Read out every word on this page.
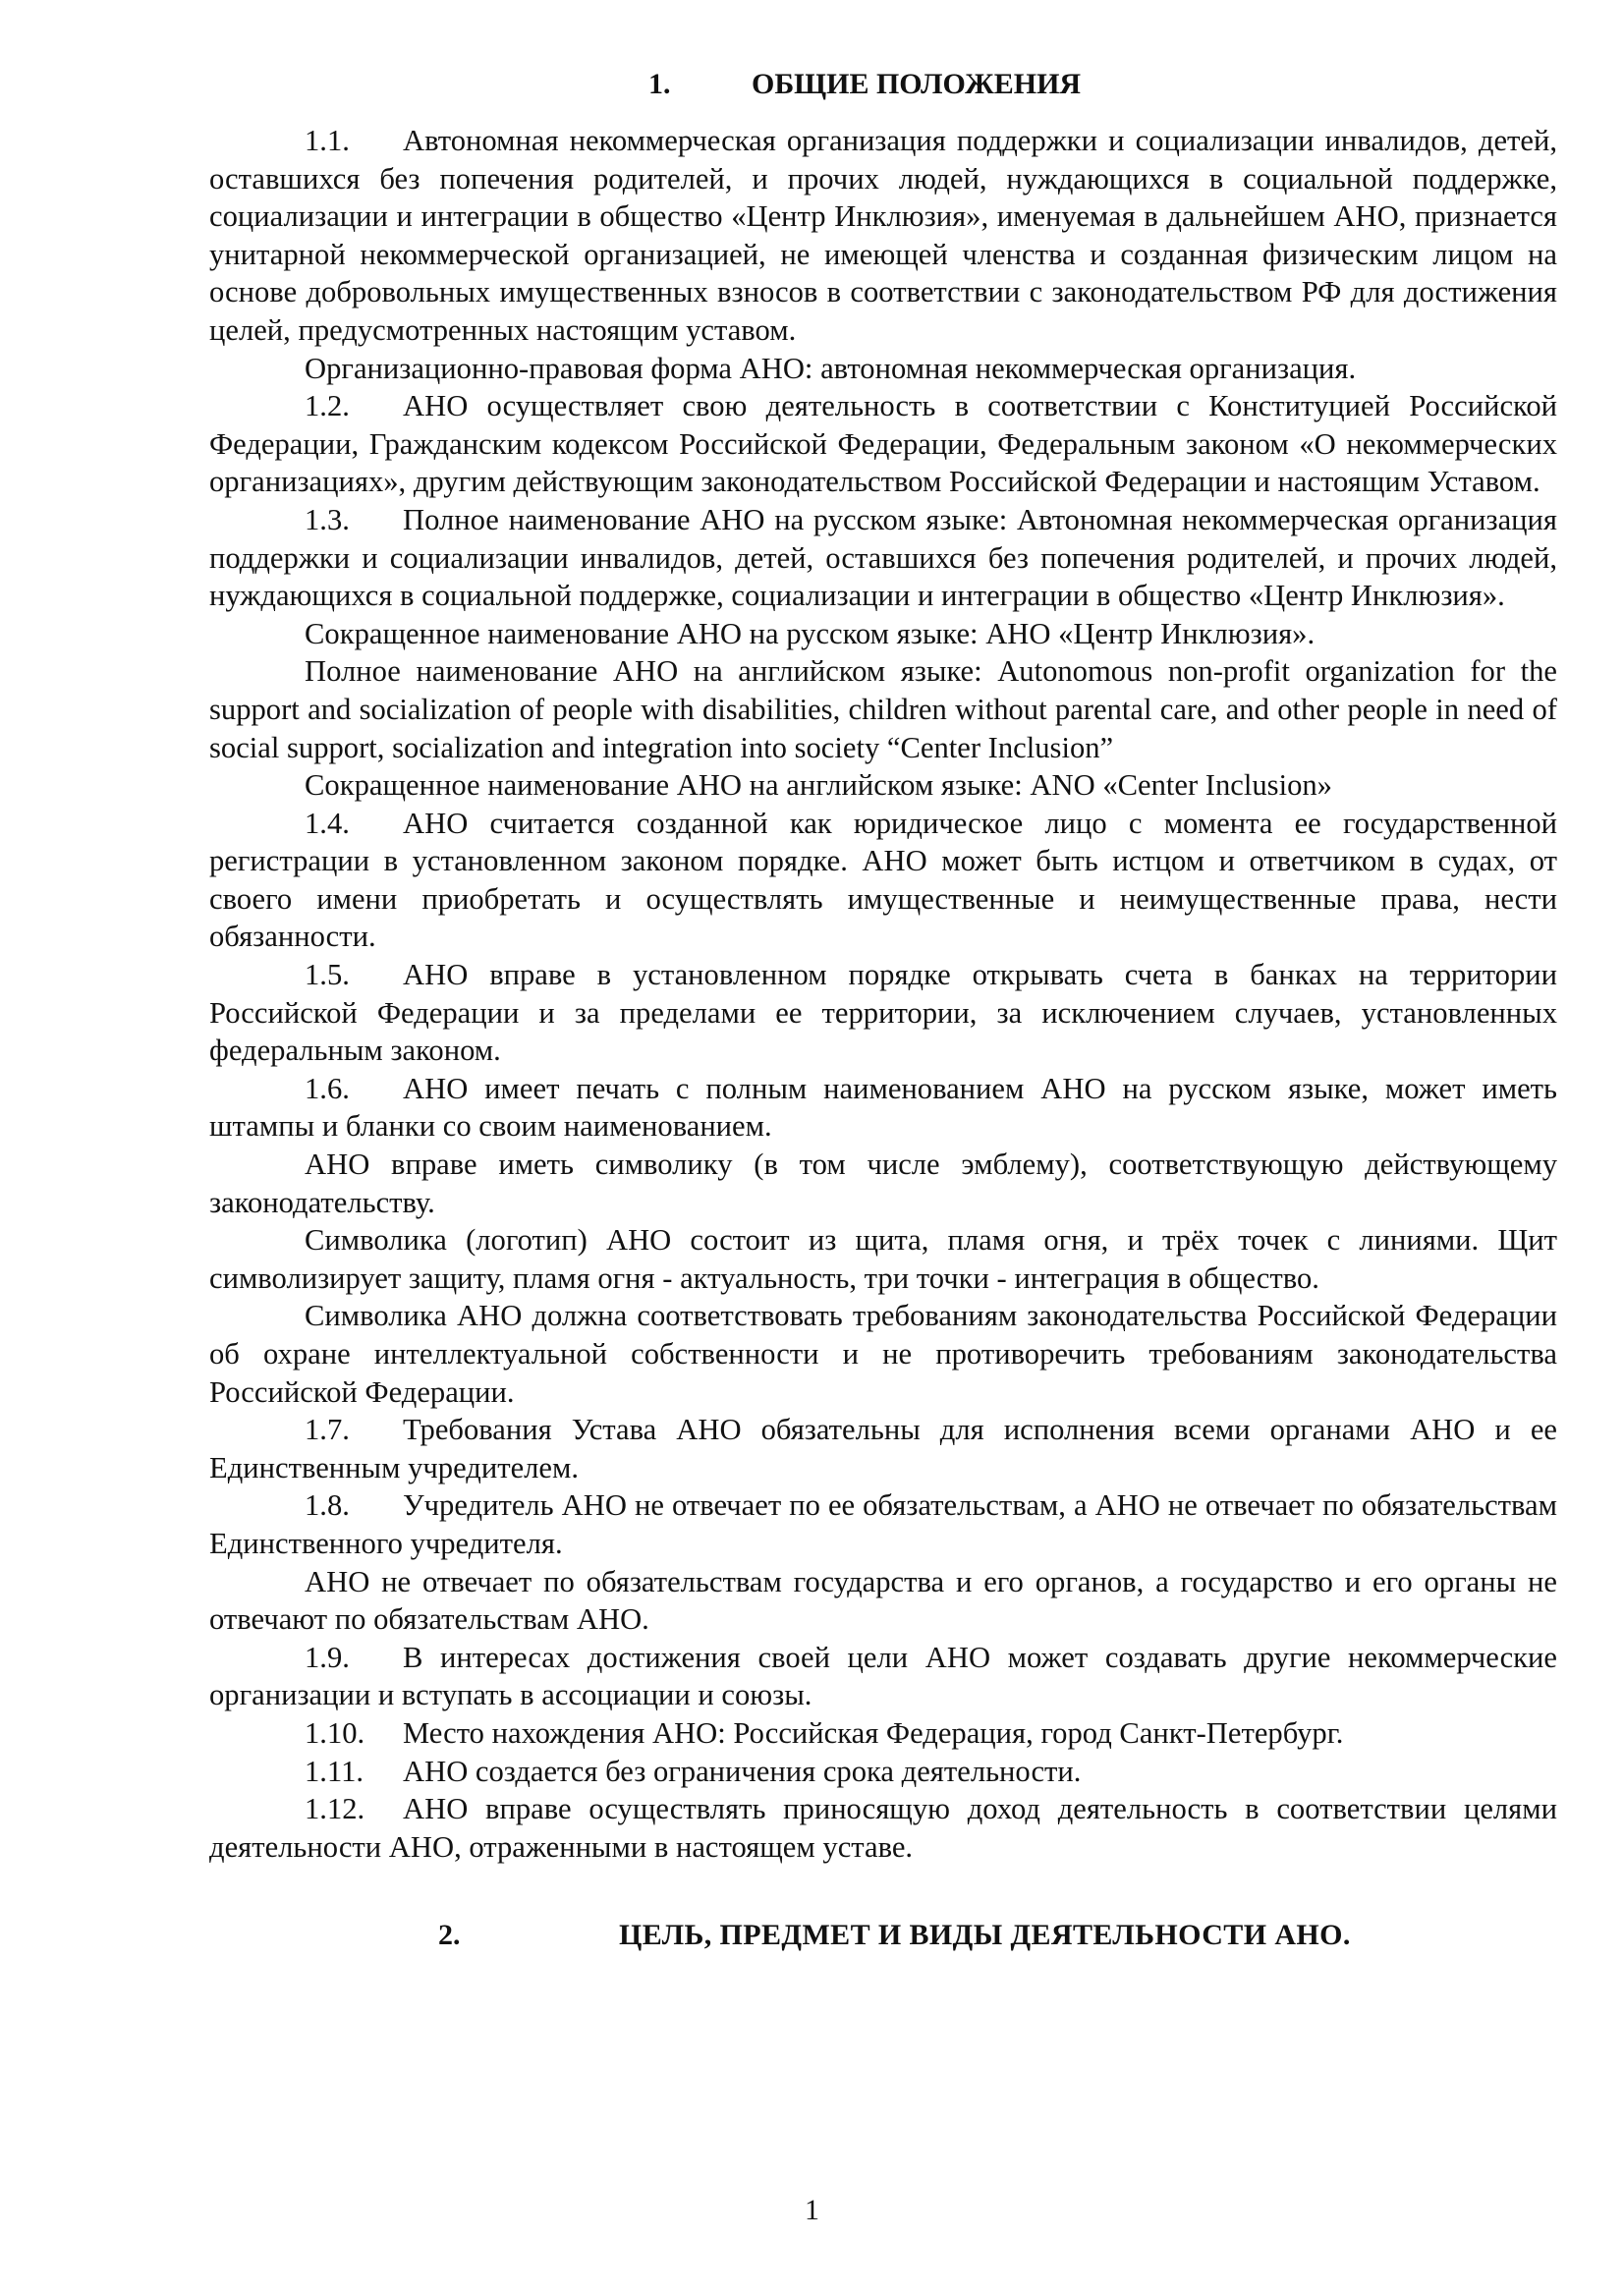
1.	ОБЩИЕ ПОЛОЖЕНИЯ

1.1. Автономная некоммерческая организация поддержки и социализации инвалидов, детей, оставшихся без попечения родителей, и прочих людей, нуждающихся в социальной поддержке, социализации и интеграции в общество «Центр Инклюзия», именуемая в дальнейшем АНО, признается унитарной некоммерческой организацией, не имеющей членства и созданная физическим лицом на основе добровольных имущественных взносов в соответствии с законодательством РФ для достижения целей, предусмотренных настоящим уставом.

Организационно-правовая форма АНО: автономная некоммерческая организация.

1.2. АНО осуществляет свою деятельность в соответствии с Конституцией Российской Федерации, Гражданским кодексом Российской Федерации, Федеральным законом «О некоммерческих организациях», другим действующим законодательством Российской Федерации и настоящим Уставом.

1.3. Полное наименование АНО на русском языке: Автономная некоммерческая организация поддержки и социализации инвалидов, детей, оставшихся без попечения родителей, и прочих людей, нуждающихся в социальной поддержке, социализации и интеграции в общество «Центр Инклюзия».

Сокращенное наименование АНО на русском языке: АНО «Центр Инклюзия».

Полное наименование АНО на английском языке: Autonomous non-profit organization for the support and socialization of people with disabilities, children without parental care, and other people in need of social support, socialization and integration into society “Center Inclusion”

Сокращенное наименование АНО на английском языке: ANO «Center Inclusion»

1.4. АНО считается созданной как юридическое лицо с момента ее государственной регистрации в установленном законом порядке. АНО может быть истцом и ответчиком в судах, от своего имени приобретать и осуществлять имущественные и неимущественные права, нести обязанности.

1.5. АНО вправе в установленном порядке открывать счета в банках на территории Российской Федерации и за пределами ее территории, за исключением случаев, установленных федеральным законом.

1.6. АНО имеет печать с полным наименованием АНО на русском языке, может иметь штампы и бланки со своим наименованием.

АНО вправе иметь символику (в том числе эмблему), соответствующую действующему законодательству.

Символика (логотип) АНО состоит из щита, пламя огня, и трёх точек с линиями. Щит символизирует защиту, пламя огня - актуальность, три точки - интеграция в общество.

Символика АНО должна соответствовать требованиям законодательства Российской Федерации об охране интеллектуальной собственности и не противоречить требованиям законодательства Российской Федерации.

1.7. Требования Устава АНО обязательны для исполнения всеми органами АНО и ее Единственным учредителем.

1.8. Учредитель АНО не отвечает по ее обязательствам, а АНО не отвечает по обязательствам Единственного учредителя.

АНО не отвечает по обязательствам государства и его органов, а государство и его органы не отвечают по обязательствам АНО.

1.9. В интересах достижения своей цели АНО может создавать другие некоммерческие организации и вступать в ассоциации и союзы.

1.10. Место нахождения АНО: Российская Федерация, город Санкт-Петербург.

1.11. АНО создается без ограничения срока деятельности.

1.12. АНО вправе осуществлять приносящую доход деятельность в соответствии целями деятельности АНО, отраженными в настоящем уставе.

2.	ЦЕЛЬ, ПРЕДМЕТ И ВИДЫ ДЕЯТЕЛЬНОСТИ АНО.
1
